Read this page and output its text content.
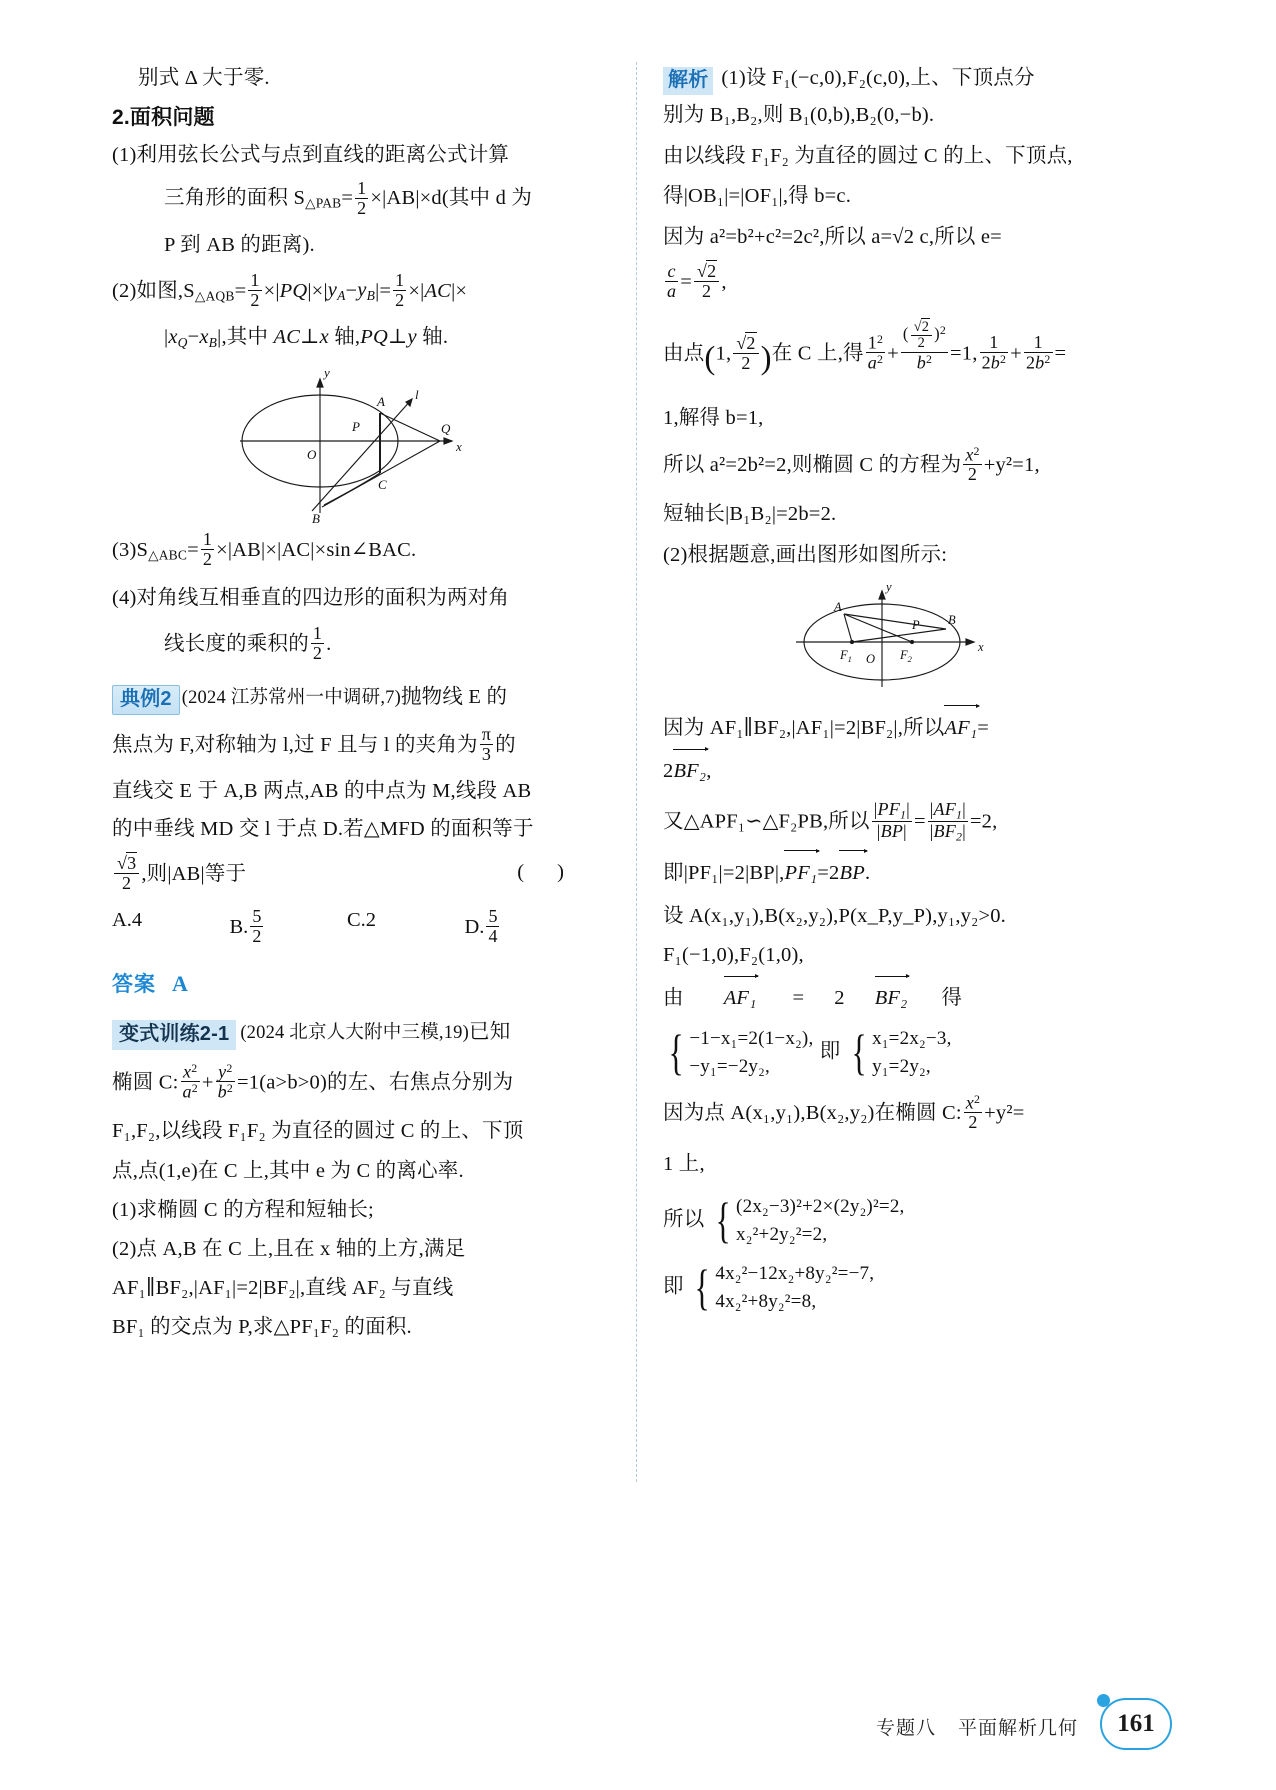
别式 Δ 大于零.
2.面积问题
(1)利用弦长公式与点到直线的距离公式计算
三角形的面积 S△PAB= $\frac{1}{2} \times|AB|\times d$(其中 d 为
P 到 AB 的距离).
(2)如图,S△AQB= $\frac{1}{2} \times|PQ|\times|y_A-y_B|= \frac{1}{2} \times|AC|\times$
$|x_Q-x_B|$,其中 AC⊥x 轴,PQ⊥y 轴.
y
x
O
A l
P	Q
C
B
(3)S△ABC= $\frac{1}{2}$ ×|AB|×|AC|×sin∠BAC.
(4)对角线互相垂直的四边形的面积为两对角
线长度的乘积的 $\frac{1}{2}$ .
典例2 (2024 江苏常州一中调研,7)抛物线 E 的
焦点为 F,对称轴为 l,过 F 且与 l 的夹角为 $\frac{\pi}{3}$ 的
直线交 E 于 A,B 两点,AB 的中点为 M,线段 AB
的中垂线 MD 交 l 于点 D.若△MFD 的面积等于
$\frac{√3}{2}$ ,则|AB|等于	( )
A.4	B. $\frac{5}{2}$	C.2	D. $\frac{5}{4}$
答案 A
变式训练2-1 (2024 北京人大附中三模,19)已知
椭圆 C: $\frac{x^2}{a^2} + \frac{y^2}{b^2} =1(a>b>0)$的左、右焦点分别为
F₁,F₂,以线段 F₁F₂ 为直径的圆过 C 的上、下顶
点,点(1,e)在 C 上,其中 e 为 C 的离心率.
(1)求椭圆 C 的方程和短轴长;
(2)点 A,B 在 C 上,且在 x 轴的上方,满足
AF₁∥BF₂,|AF₁|=2|BF₂|,直线 AF₂ 与直线
BF₁ 的交点为 P,求△PF₁F₂ 的面积.
解析 (1)设 F₁(−c,0),F₂(c,0),上、下顶点分
别为 B₁,B₂,则 B₁(0,b),B₂(0,−b).
由以线段 F₁F₂ 为直径的圆过 C 的上、下顶点,
得|OB₁|=|OF₁|,得 b=c.
因为 a²=b²+c²=2c²,所以 a=√2 c,所以 e=
$\frac{c}{a} = \frac{√2}{2}$ ,
由点(1, $\frac{√2}{2}$ )在 C 上,得 $\frac{1^2}{a^2} + \frac{( \frac{√2}{2} )^2}{b^2} =1$, $\frac{1}{2b^2} + \frac{1}{2b^2}$ =
1,解得 b=1,
所以 a²=2b²=2,则椭圆 C 的方程为 $\frac{x^2}{2} +y^2=1$,
短轴长|B₁B₂|=2b=2.
(2)根据题意,画出图形如图所示:
y
x
O
A
B
P
$F_1$	$F_2$
因为 AF₁∥BF₂,|AF₁|=2|BF₂|,所以
AF₁=
2
BF₂,
又△APF₁∽△F₂PB,所以 $\frac{|PF_1|}{|BP|} = \frac{|AF_1|}{|BF_2|} =2$,
即|PF₁|=2|BP|,
PF₁=2
BP.
设 A(x₁,y₁),B(x₂,y₂),P(x_P,y_P),y₁,y₂>0.
F₁(−1,0),F₂(1,0),
由 AF₁ = 2 BF₂ 得
{ −1−x₁=2(1−x₂),
−y₁=−2y₂,
即 { x₁=2x₂−3,
y₁=2y₂,
因为点 A(x₁,y₁),B(x₂,y₂)在椭圆 C: $\frac{x^2}{2} +y^2=$
1 上,
所以 { (2x₂−3)²+2×(2y₂)²=2,
x₂²+2y₂²=2,
即 { 4x₂²−12x₂+8y₂²=−7,
4x₂²+8y₂²=8,
专题八 平面解析几何	161
